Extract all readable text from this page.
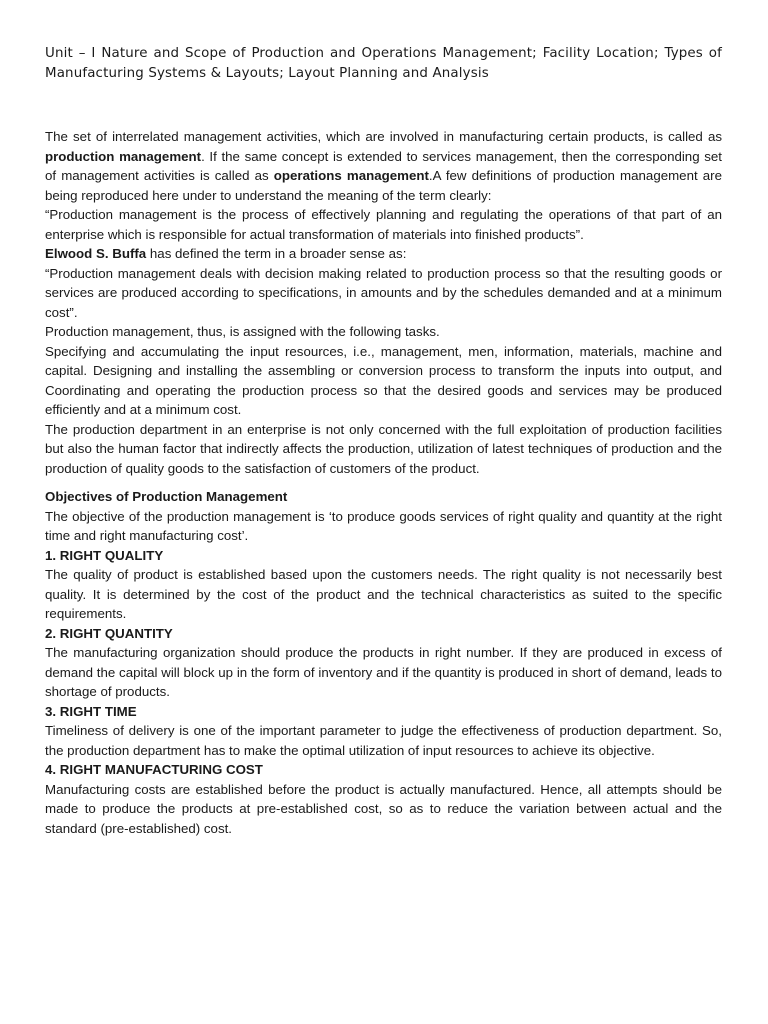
Unit – I Nature and Scope of Production and Operations Management; Facility Location; Types of Manufacturing Systems & Layouts; Layout Planning and Analysis

The set of interrelated management activities, which are involved in manufacturing certain products, is called as production management. If the same concept is extended to services management, then the corresponding set of management activities is called as operations management.A few definitions of production management are being reproduced here under to understand the meaning of the term clearly:

“Production management is the process of effectively planning and regulating the operations of that part of an enterprise which is responsible for actual transformation of materials into finished products”.

Elwood S. Buffa has defined the term in a broader sense as:

“Production management deals with decision making related to production process so that the resulting goods or services are produced according to specifications, in amounts and by the schedules demanded and at a minimum cost”.

Production management, thus, is assigned with the following tasks.

Specifying and accumulating the input resources, i.e., management, men, information, materials, machine and capital. Designing and installing the assembling or conversion process to transform the inputs into output, and Coordinating and operating the production process so that the desired goods and services may be produced efficiently and at a minimum cost.

The production department in an enterprise is not only concerned with the full exploitation of production facilities but also the human factor that indirectly affects the production, utilization of latest techniques of production and the production of quality goods to the satisfaction of customers of the product.

Objectives of Production Management

The objective of the production management is ‘to produce goods services of right quality and quantity at the right time and right manufacturing cost’.

1. RIGHT QUALITY

The quality of product is established based upon the customers needs. The right quality is not necessarily best quality. It is determined by the cost of the product and the technical characteristics as suited to the specific requirements.

2. RIGHT QUANTITY

The manufacturing organization should produce the products in right number. If they are produced in excess of demand the capital will block up in the form of inventory and if the quantity is produced in short of demand, leads to shortage of products.

3. RIGHT TIME

Timeliness of delivery is one of the important parameter to judge the effectiveness of production department. So, the production department has to make the optimal utilization of input resources to achieve its objective.

4. RIGHT MANUFACTURING COST

Manufacturing costs are established before the product is actually manufactured. Hence, all attempts should be made to produce the products at pre-established cost, so as to reduce the variation between actual and the standard (pre-established) cost.
